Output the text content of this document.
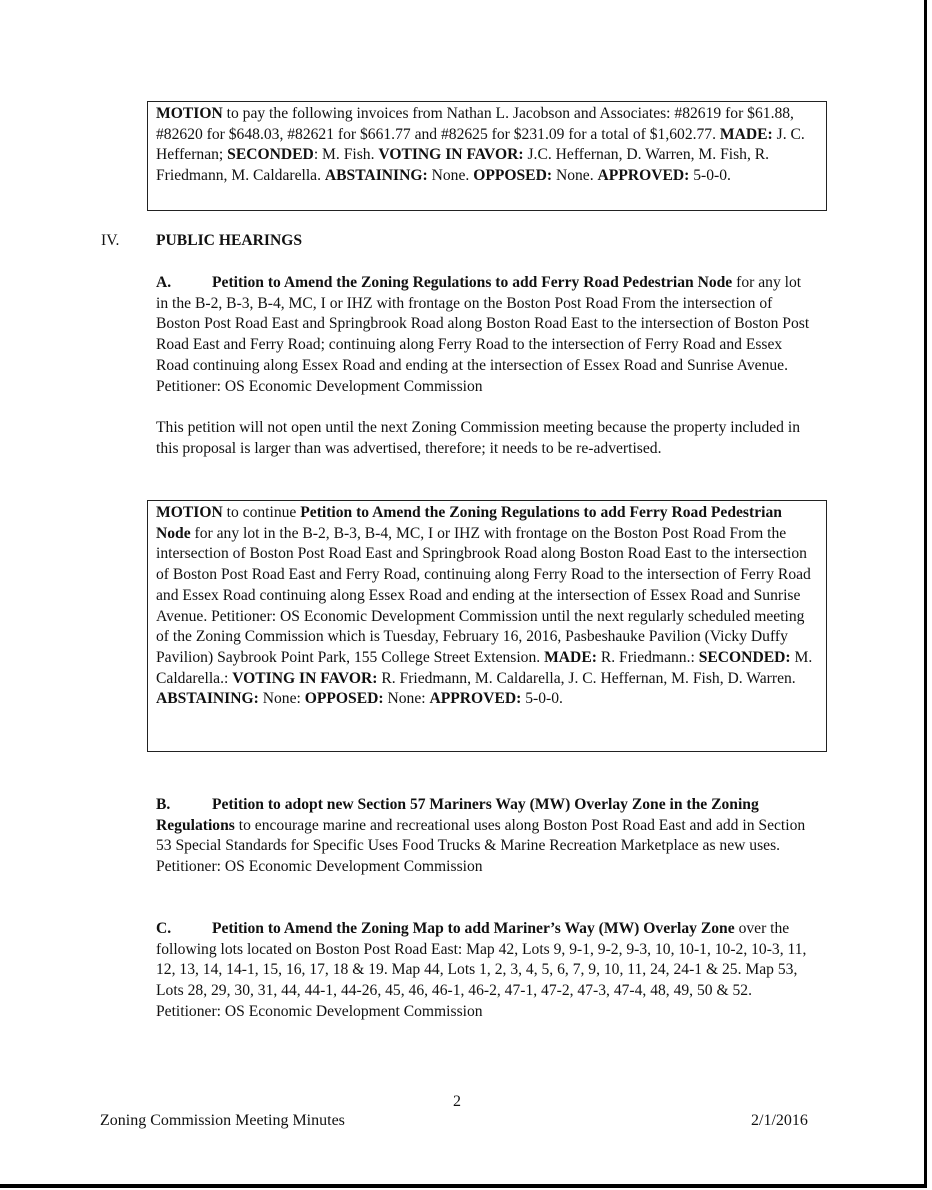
MOTION to pay the following invoices from Nathan L. Jacobson and Associates: #82619 for $61.88, #82620 for $648.03, #82621 for $661.77 and #82625 for $231.09 for a total of $1,602.77. MADE: J. C. Heffernan; SECONDED: M. Fish. VOTING IN FAVOR: J.C. Heffernan, D. Warren, M. Fish, R. Friedmann, M. Caldarella. ABSTAINING: None. OPPOSED: None. APPROVED: 5-0-0.

IV. PUBLIC HEARINGS

A.	Petition to Amend the Zoning Regulations to add Ferry Road Pedestrian Node for any lot in the B-2, B-3, B-4, MC, I or IHZ with frontage on the Boston Post Road From the intersection of Boston Post Road East and Springbrook Road along Boston Road East to the intersection of Boston Post Road East and Ferry Road; continuing along Ferry Road to the intersection of Ferry Road and Essex Road continuing along Essex Road and ending at the intersection of Essex Road and Sunrise Avenue.

Petitioner: OS Economic Development Commission

This petition will not open until the next Zoning Commission meeting because the property included in this proposal is larger than was advertised, therefore; it needs to be re-advertised.

MOTION to continue Petition to Amend the Zoning Regulations to add Ferry Road Pedestrian Node for any lot in the B-2, B-3, B-4, MC, I or IHZ with frontage on the Boston Post Road From the intersection of Boston Post Road East and Springbrook Road along Boston Road East to the intersection of Boston Post Road East and Ferry Road, continuing along Ferry Road to the intersection of Ferry Road and Essex Road continuing along Essex Road and ending at the intersection of Essex Road and Sunrise Avenue. Petitioner: OS Economic Development Commission until the next regularly scheduled meeting of the Zoning Commission which is Tuesday, February 16, 2016, Pasbeshauke Pavilion (Vicky Duffy Pavilion) Saybrook Point Park, 155 College Street Extension. MADE: R. Friedmann.: SECONDED: M. Caldarella.: VOTING IN FAVOR: R. Friedmann, M. Caldarella, J. C. Heffernan, M. Fish, D. Warren. ABSTAINING: None: OPPOSED: None: APPROVED: 5-0-0.

B.	Petition to adopt new Section 57 Mariners Way (MW) Overlay Zone in the Zoning Regulations to encourage marine and recreational uses along Boston Post Road East and add in Section 53 Special Standards for Specific Uses Food Trucks & Marine Recreation Marketplace as new uses.

Petitioner: OS Economic Development Commission

C.	Petition to Amend the Zoning Map to add Mariner’s Way (MW) Overlay Zone over the following lots located on Boston Post Road East: Map 42, Lots 9, 9-1, 9-2, 9-3, 10, 10-1, 10-2, 10-3, 11, 12, 13, 14, 14-1, 15, 16, 17, 18 & 19. Map 44, Lots 1, 2, 3, 4, 5, 6, 7, 9, 10, 11, 24, 24-1 & 25. Map 53, Lots 28, 29, 30, 31, 44, 44-1, 44-26, 45, 46, 46-1, 46-2, 47-1, 47-2, 47-3, 47-4, 48, 49, 50 & 52.

Petitioner: OS Economic Development Commission

2
Zoning Commission Meeting Minutes	2/1/2016
